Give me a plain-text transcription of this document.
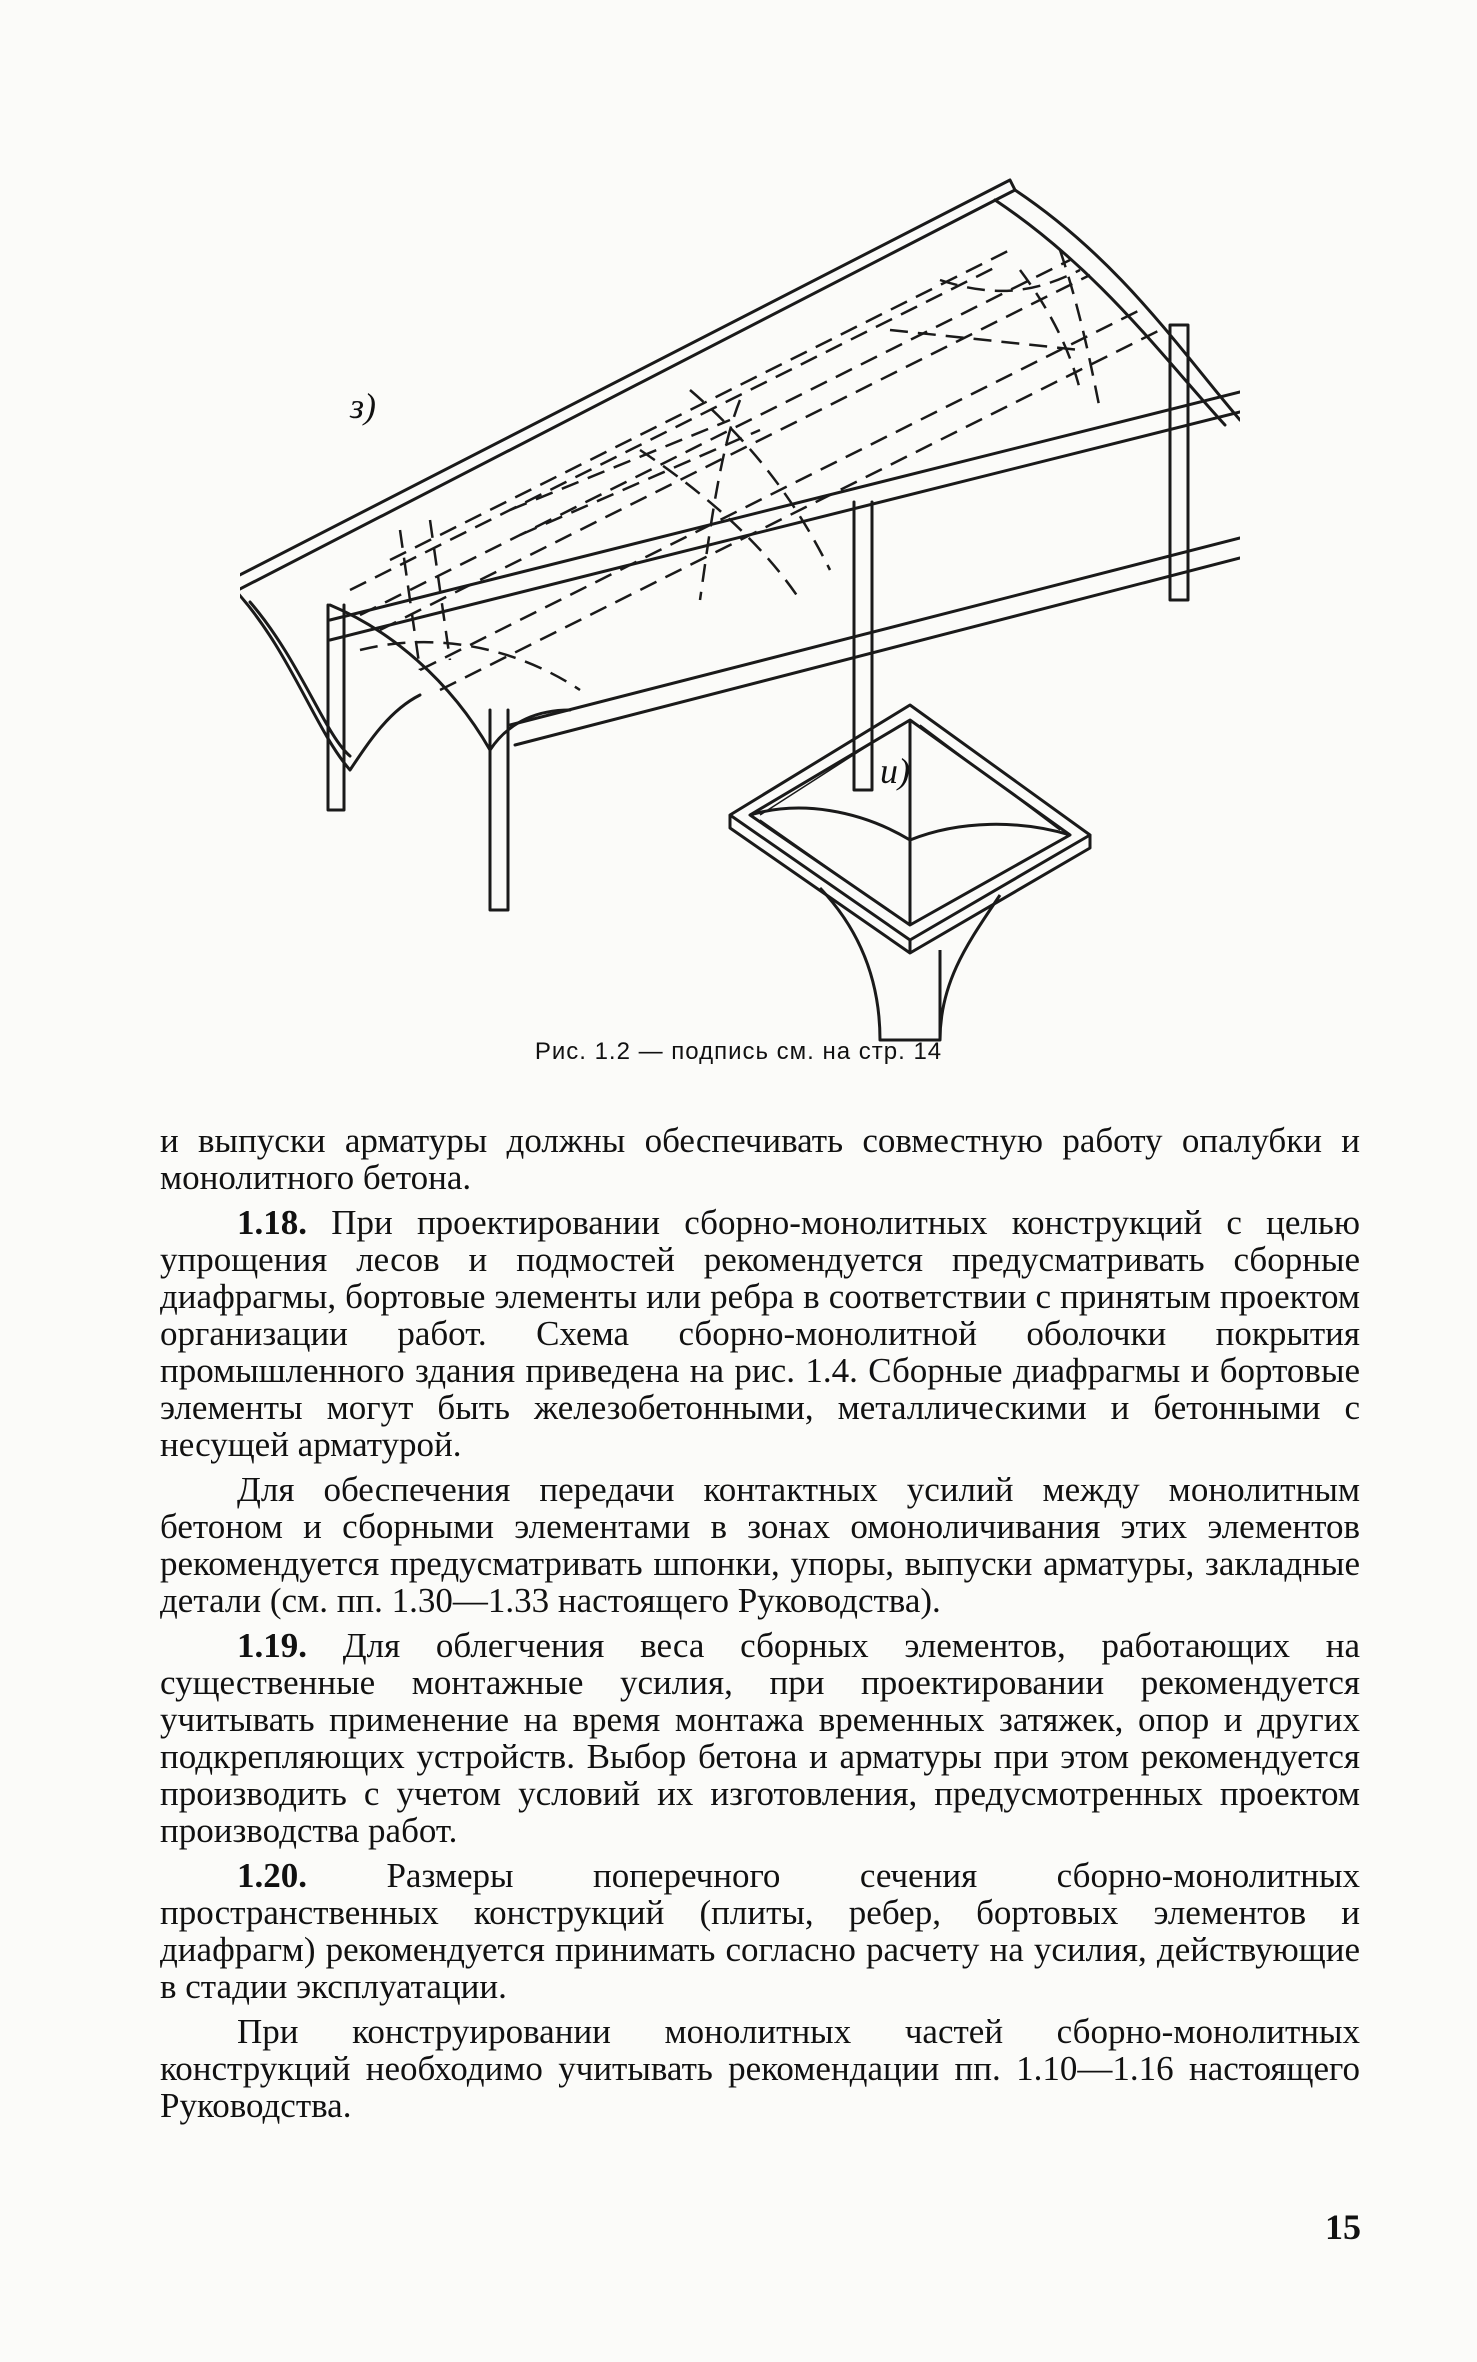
з)
и)
Рис. 1.2 — подпись см. на стр. 14

и выпуски арматуры должны обеспечивать совместную работу опалубки и монолитного бетона.

1.18. При проектировании сборно-монолитных конструкций с целью упрощения лесов и подмостей рекомендуется предусматривать сборные диафрагмы, бортовые элементы или ребра в соответствии с принятым проектом организации работ. Схема сборно-монолитной оболочки покрытия промышленного здания приведена на рис. 1.4. Сборные диафрагмы и бортовые элементы могут быть железобетонными, металлическими и бетонными с несущей арматурой.

Для обеспечения передачи контактных усилий между монолитным бетоном и сборными элементами в зонах омоноличивания этих элементов рекомендуется предусматривать шпонки, упоры, выпуски арматуры, закладные детали (см. пп. 1.30—1.33 настоящего Руководства).

1.19. Для облегчения веса сборных элементов, работающих на существенные монтажные усилия, при проектировании рекомендуется учитывать применение на время монтажа временных затяжек, опор и других подкрепляющих устройств. Выбор бетона и арматуры при этом рекомендуется производить с учетом условий их изготовления, предусмотренных проектом производства работ.

1.20. Размеры поперечного сечения сборно-монолитных пространственных конструкций (плиты, ребер, бортовых элементов и диафрагм) рекомендуется принимать согласно расчету на усилия, действующие в стадии эксплуатации.

При конструировании монолитных частей сборно-монолитных конструкций необходимо учитывать рекомендации пп. 1.10—1.16 настоящего Руководства.

15
